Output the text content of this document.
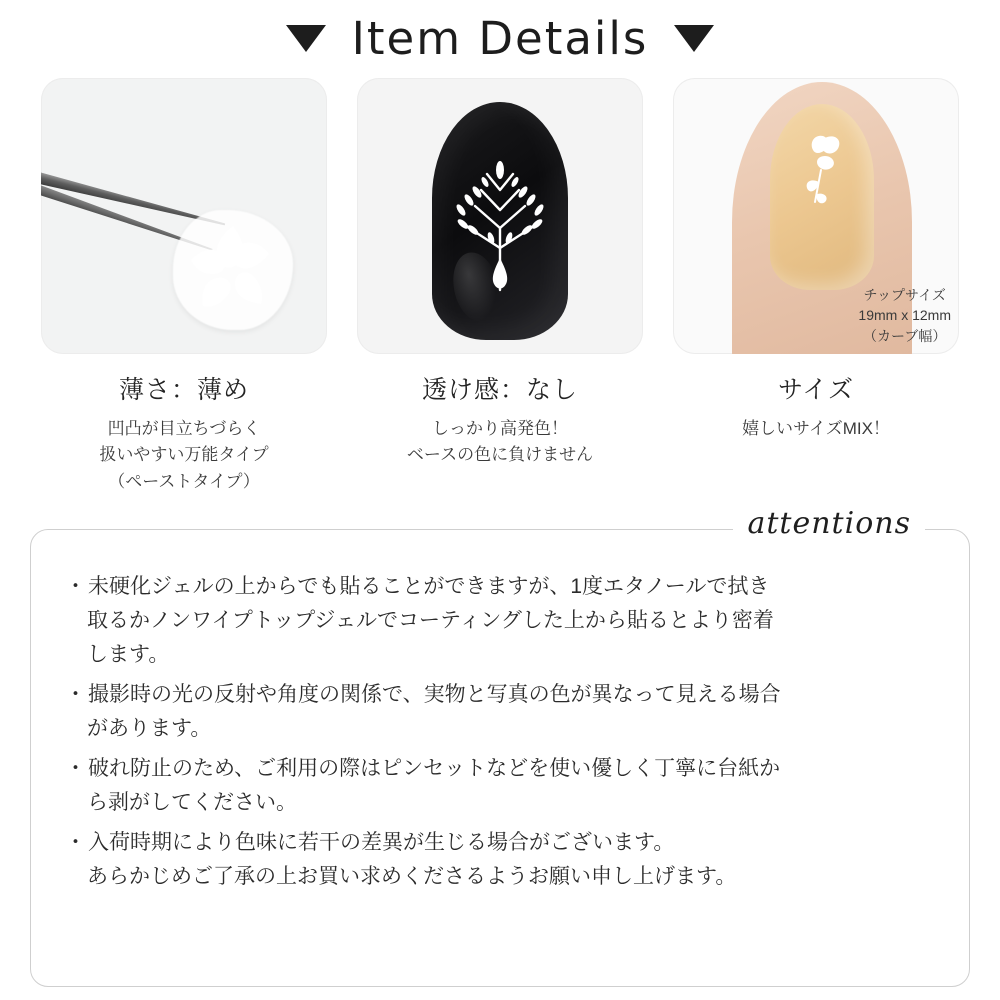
Item Details
薄さ：薄め
凹凸が目立ちづらく
扱いやすい万能タイプ
（ペーストタイプ）
透け感：なし
しっかり高発色！
ベースの色に負けません
チップサイズ
19mm x 12mm
（カーブ幅）
サイズ
嬉しいサイズMIX！
attentions
・未硬化ジェルの上からでも貼ることができますが、1度エタノールで拭き
取るかノンワイプトップジェルでコーティングした上から貼るとより密着
します。
・撮影時の光の反射や角度の関係で、実物と写真の色が異なって見える場合
があります。
・破れ防止のため、ご利用の際はピンセットなどを使い優しく丁寧に台紙か
ら剥がしてください。
・入荷時期により色味に若干の差異が生じる場合がございます。
あらかじめご了承の上お買い求めくださるようお願い申し上げます。
